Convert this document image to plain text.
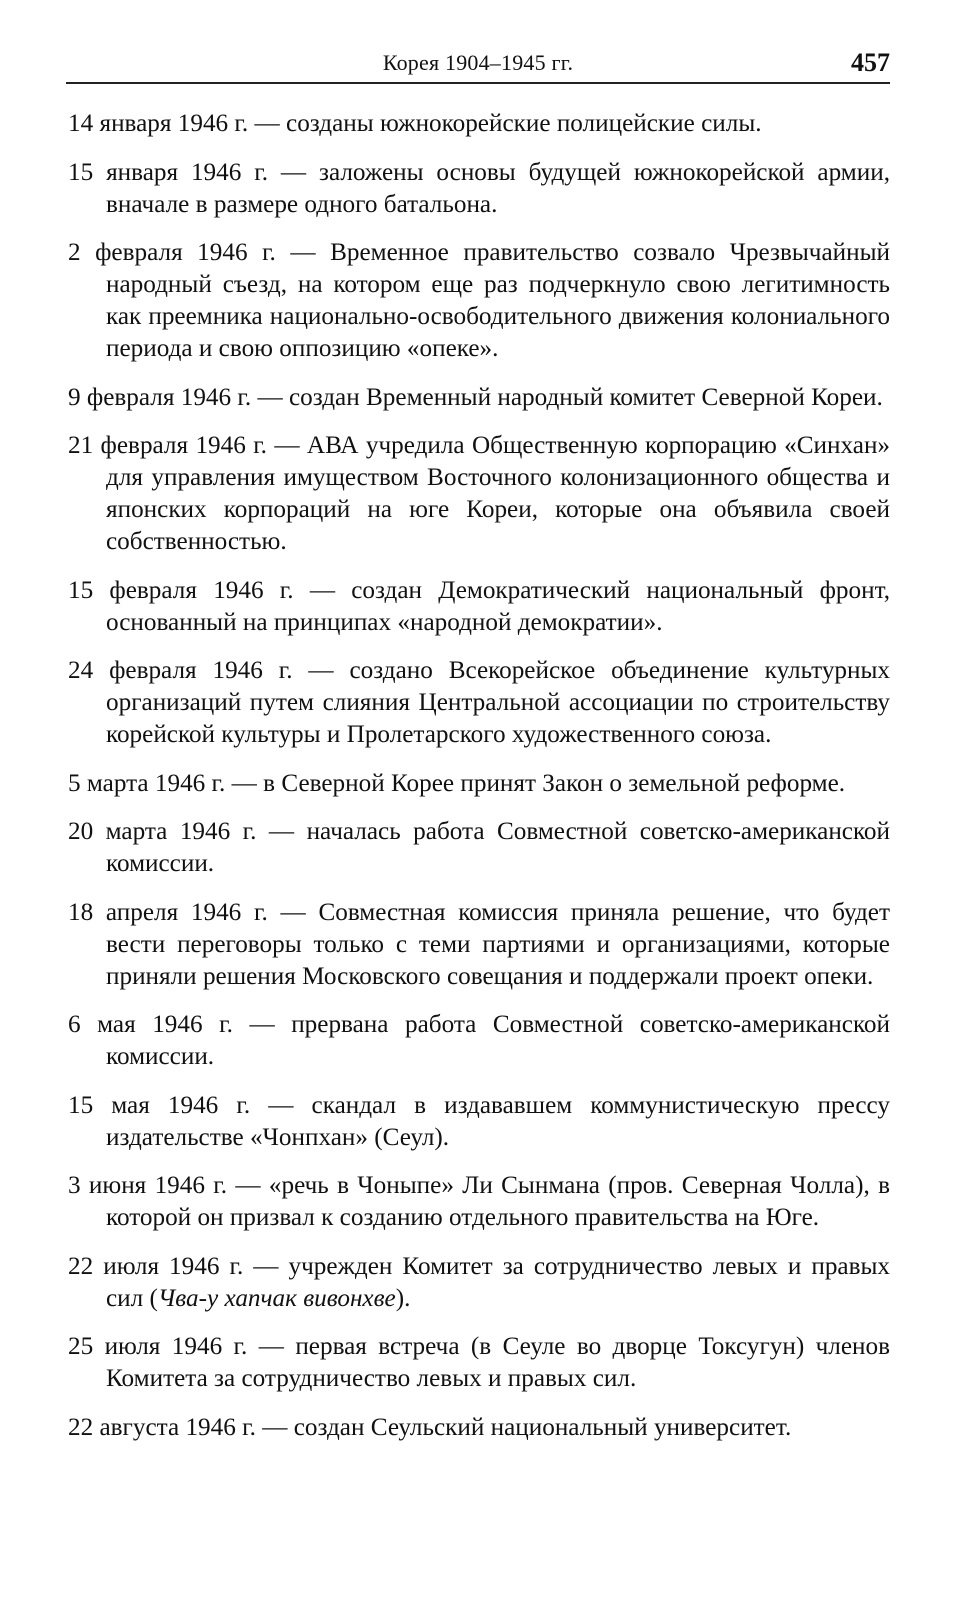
Корея 1904–1945 гг.	457

14 января 1946 г. — созданы южнокорейские полицейские силы.

15 января 1946 г. — заложены основы будущей южнокорейской армии, вначале в размере одного батальона.

2 февраля 1946 г. — Временное правительство созвало Чрезвычайный народный съезд, на котором еще раз подчеркнуло свою легитимность как преемника национально-освободительного движения колониального периода и свою оппозицию «опеке».

9 февраля 1946 г. — создан Временный народный комитет Северной Кореи.

21 февраля 1946 г. — АВА учредила Общественную корпорацию «Синхан» для управления имуществом Восточного колонизационного общества и японских корпораций на юге Кореи, которые она объявила своей собственностью.

15 февраля 1946 г. — создан Демократический национальный фронт, основанный на принципах «народной демократии».

24 февраля 1946 г. — создано Всекорейское объединение культурных организаций путем слияния Центральной ассоциации по строительству корейской культуры и Пролетарского художественного союза.

5 марта 1946 г. — в Северной Корее принят Закон о земельной реформе.

20 марта 1946 г. — началась работа Совместной советско-американской комиссии.

18 апреля 1946 г. — Совместная комиссия приняла решение, что будет вести переговоры только с теми партиями и организациями, которые приняли решения Московского совещания и поддержали проект опеки.

6 мая 1946 г. — прервана работа Совместной советско-американской комиссии.

15 мая 1946 г. — скандал в издававшем коммунистическую прессу издательстве «Чонпхан» (Сеул).

3 июня 1946 г. — «речь в Чоныпе» Ли Сынмана (пров. Северная Чолла), в которой он призвал к созданию отдельного правительства на Юге.

22 июля 1946 г. — учрежден Комитет за сотрудничество левых и правых сил (Чва-у хапчак вивонхве).

25 июля 1946 г. — первая встреча (в Сеуле во дворце Токсугун) членов Комитета за сотрудничество левых и правых сил.

22 августа 1946 г. — создан Сеульский национальный университет.
